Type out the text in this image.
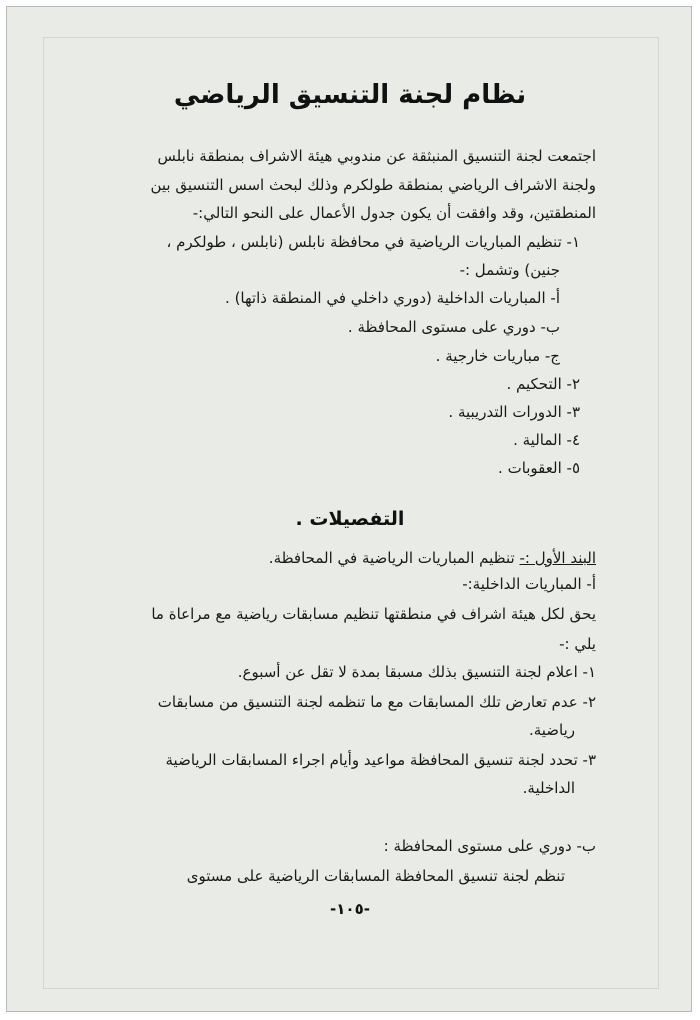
نظام لجنة التنسيق الرياضي
اجتمعت لجنة التنسيق المنبثقة عن مندوبي هيئة الاشراف بمنطقة نابلس
ولجنة الاشراف الرياضي بمنطقة طولكرم وذلك لبحث اسس التنسيق بين
المنطقتين، وقد وافقت أن يكون جدول الأعمال على النحو التالي:-
١- تنظيم المباريات الرياضية في محافظة نابلس (نابلس ، طولكرم ،
جنين) وتشمل :-
أ- المباريات الداخلية (دوري داخلي في المنطقة ذاتها) .
ب- دوري على مستوى المحافظة .
ج- مباريات خارجية .
٢- التحكيم .
٣- الدورات التدريبية .
٤- المالية .
٥- العقوبات .
التفصيلات .
البند الأول :- تنظيم المباريات الرياضية في المحافظة.
أ- المباريات الداخلية:-
يحق لكل هيئة اشراف في منطقتها تنظيم مسابقات رياضية مع مراعاة ما
يلي :-
١- اعلام لجنة التنسيق بذلك مسبقا بمدة لا تقل عن أسبوع.
٢- عدم تعارض تلك المسابقات مع ما تنظمه لجنة التنسيق من مسابقات
رياضية.
٣- تحدد لجنة تنسيق المحافظة مواعيد وأيام اجراء المسابقات الرياضية
الداخلية.
ب- دوري على مستوى المحافظة :
تنظم لجنة تنسيق المحافظة المسابقات الرياضية على مستوى
-١٠٥-
